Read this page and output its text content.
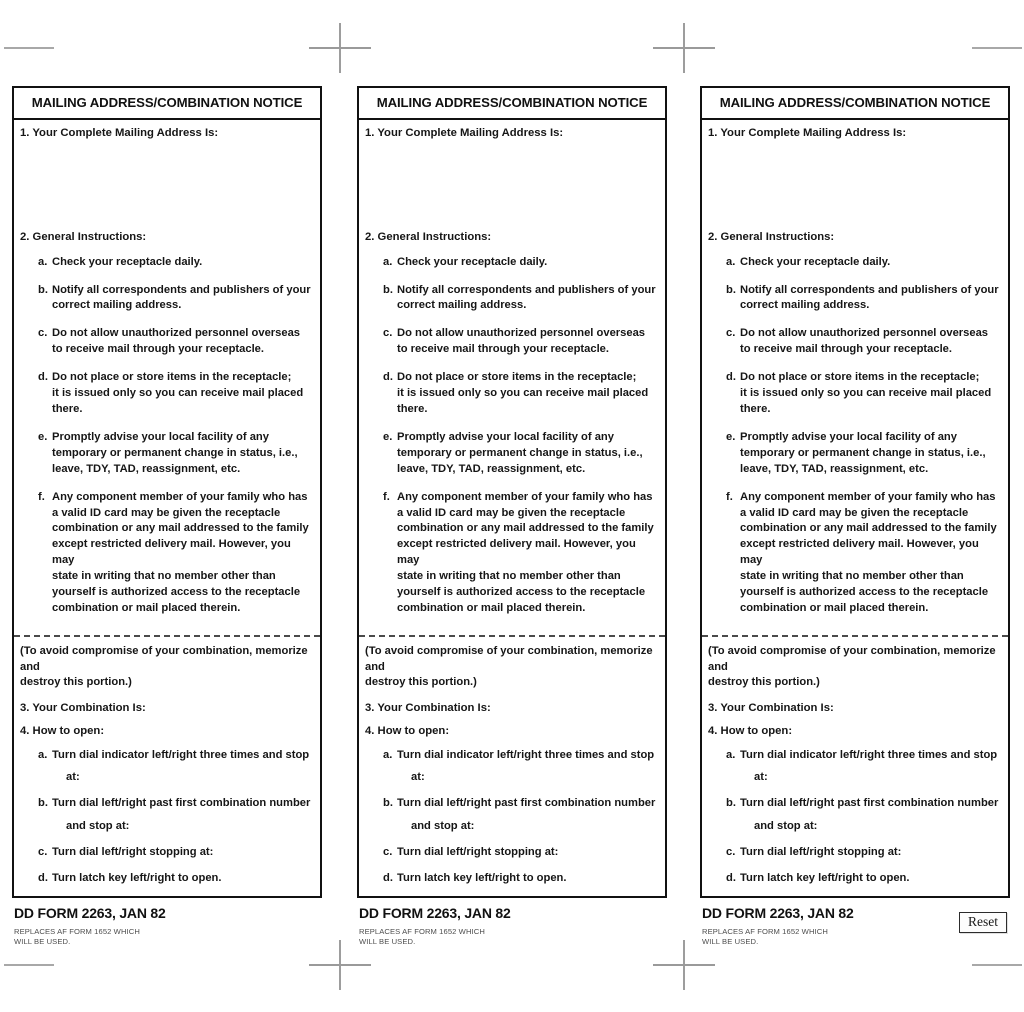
MAILING ADDRESS/COMBINATION NOTICE
1. Your Complete Mailing Address Is:
2. General Instructions:
a. Check your receptacle daily.
b. Notify all correspondents and publishers of your
correct mailing address.
c. Do not allow unauthorized personnel overseas
to receive mail through your receptacle.
d. Do not place or store items in the receptacle;
it is issued only so you can receive mail placed
there.
e. Promptly advise your local facility of any
temporary or permanent change in status, i.e.,
leave, TDY, TAD, reassignment, etc.
f. Any component member of your family who has
a valid ID card may be given the receptacle
combination or any mail addressed to the family
except restricted delivery mail. However, you may
state in writing that no member other than
yourself is authorized access to the receptacle
combination or mail placed therein.
(To avoid compromise of your combination, memorize and
destroy this portion.)
3. Your Combination Is:
4. How to open:
a. Turn dial indicator left/right three times and stop
at:
b. Turn dial left/right past first combination number
and stop at:
c. Turn dial left/right stopping at:
d. Turn latch key left/right to open.
DD FORM 2263, JAN 82
REPLACES AF FORM 1652 WHICH
WILL BE USED.
MAILING ADDRESS/COMBINATION NOTICE
1. Your Complete Mailing Address Is:
2. General Instructions:
a. Check your receptacle daily.
b. Notify all correspondents and publishers of your
correct mailing address.
c. Do not allow unauthorized personnel overseas
to receive mail through your receptacle.
d. Do not place or store items in the receptacle;
it is issued only so you can receive mail placed
there.
e. Promptly advise your local facility of any
temporary or permanent change in status, i.e.,
leave, TDY, TAD, reassignment, etc.
f. Any component member of your family who has
a valid ID card may be given the receptacle
combination or any mail addressed to the family
except restricted delivery mail. However, you may
state in writing that no member other than
yourself is authorized access to the receptacle
combination or mail placed therein.
(To avoid compromise of your combination, memorize and
destroy this portion.)
3. Your Combination Is:
4. How to open:
a. Turn dial indicator left/right three times and stop
at:
b. Turn dial left/right past first combination number
and stop at:
c. Turn dial left/right stopping at:
d. Turn latch key left/right to open.
DD FORM 2263, JAN 82
REPLACES AF FORM 1652 WHICH
WILL BE USED.
MAILING ADDRESS/COMBINATION NOTICE
1. Your Complete Mailing Address Is:
2. General Instructions:
a. Check your receptacle daily.
b. Notify all correspondents and publishers of your
correct mailing address.
c. Do not allow unauthorized personnel overseas
to receive mail through your receptacle.
d. Do not place or store items in the receptacle;
it is issued only so you can receive mail placed
there.
e. Promptly advise your local facility of any
temporary or permanent change in status, i.e.,
leave, TDY, TAD, reassignment, etc.
f. Any component member of your family who has
a valid ID card may be given the receptacle
combination or any mail addressed to the family
except restricted delivery mail. However, you may
state in writing that no member other than
yourself is authorized access to the receptacle
combination or mail placed therein.
(To avoid compromise of your combination, memorize and
destroy this portion.)
3. Your Combination Is:
4. How to open:
a. Turn dial indicator left/right three times and stop
at:
b. Turn dial left/right past first combination number
and stop at:
c. Turn dial left/right stopping at:
d. Turn latch key left/right to open.
DD FORM 2263, JAN 82
REPLACES AF FORM 1652 WHICH
WILL BE USED.
Reset
